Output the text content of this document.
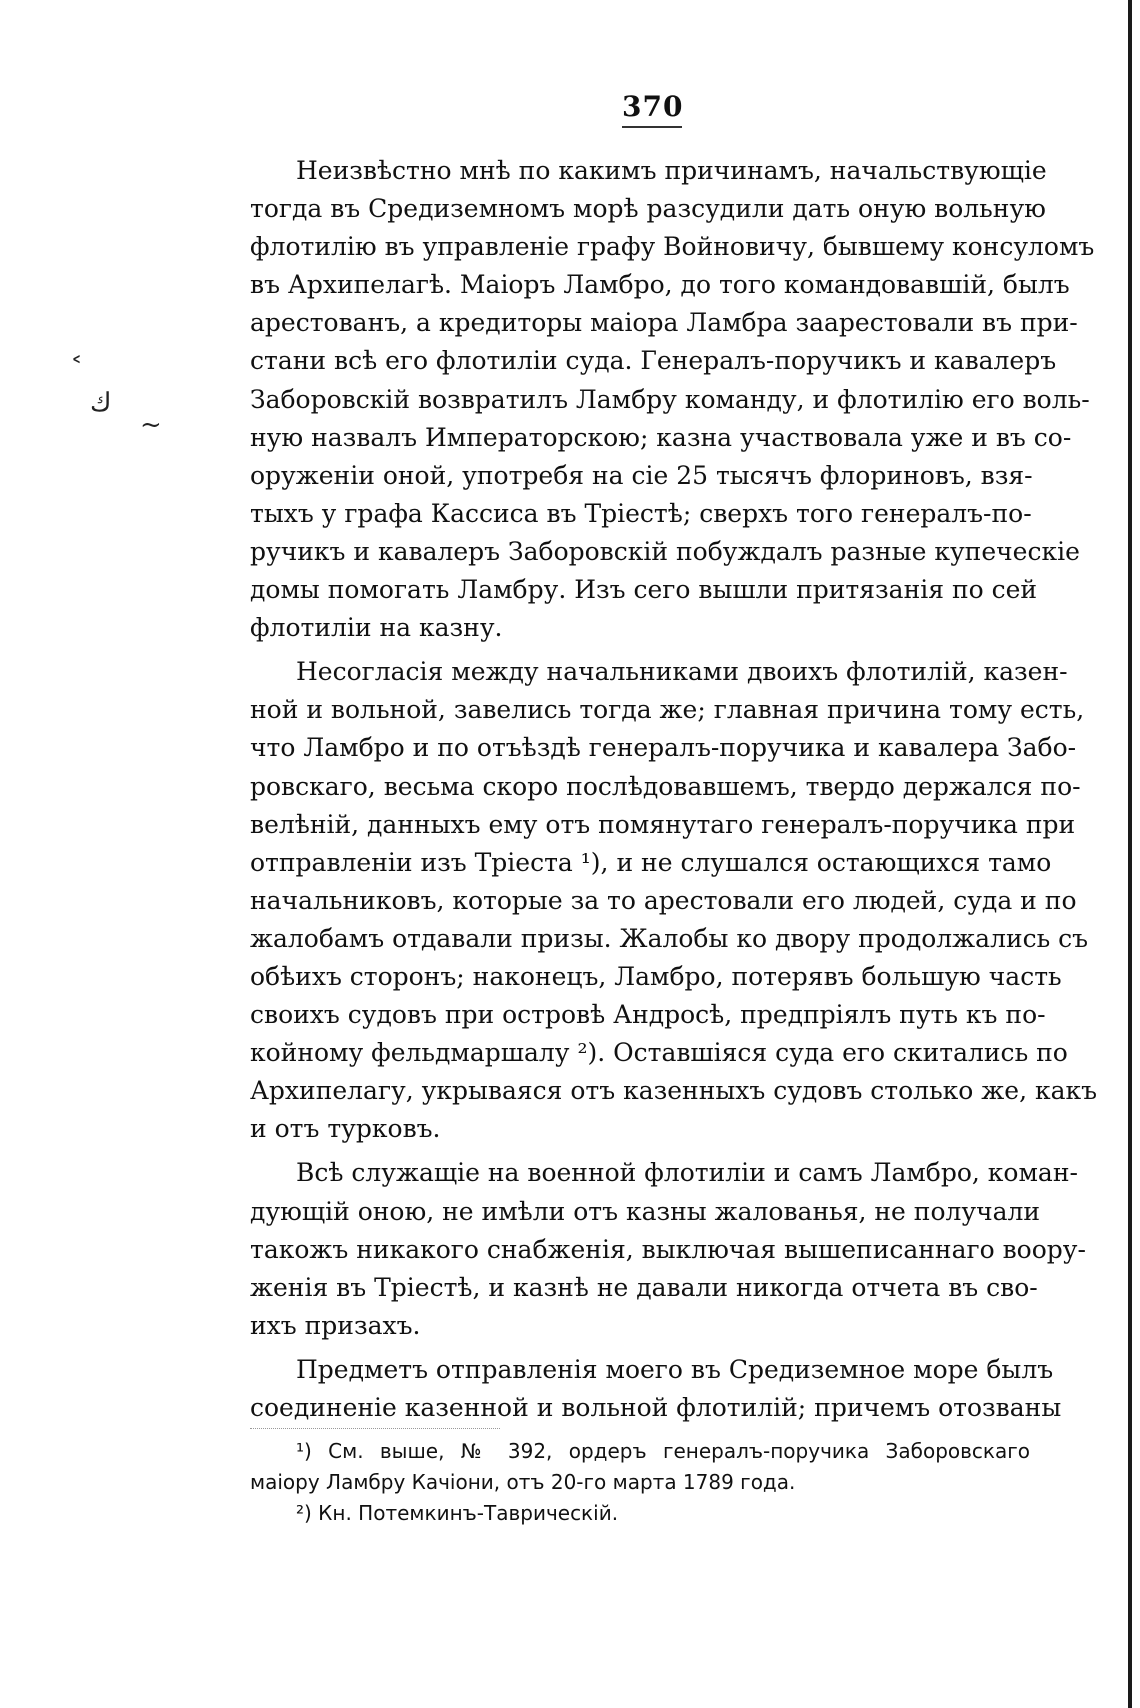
370
˂
ك
~
Неизвѣстно мнѣ по какимъ причинамъ, начальствующіе
тогда въ Средиземномъ морѣ разсудили дать оную вольную
флотилію въ управленіе графу Войновичу, бывшему консуломъ
въ Архипелагѣ. Маіоръ Ламбро, до того командовавшій, былъ
арестованъ, а кредиторы маіора Ламбра заарестовали въ при-
стани всѣ его флотиліи суда. Генералъ-поручикъ и кавалеръ
Заборовскій возвратилъ Ламбру команду, и флотилію его воль-
ную назвалъ Императорскою; казна участвовала уже и въ со-
оруженіи оной, употребя на сіе 25 тысячъ флориновъ, взя-
тыхъ у графа Кассиса въ Тріестѣ; сверхъ того генералъ-по-
ручикъ и кавалеръ Заборовскій побуждалъ разные купеческіе
домы помогать Ламбру. Изъ сего вышли притязанія по сей
флотиліи на казну.
Несогласія между начальниками двоихъ флотилій, казен-
ной и вольной, завелись тогда же; главная причина тому есть,
что Ламбро и по отъѣздѣ генералъ-поручика и кавалера Забо-
ровскаго, весьма скоро послѣдовавшемъ, твердо держался по-
велѣній, данныхъ ему отъ помянутаго генералъ-поручика при
отправленіи изъ Тріеста ¹), и не слушался остающихся тамо
начальниковъ, которые за то арестовали его людей, суда и по
жалобамъ отдавали призы. Жалобы ко двору продолжались съ
обѣихъ сторонъ; наконецъ, Ламбро, потерявъ большую часть
своихъ судовъ при островѣ Андросѣ, предпріялъ путь къ по-
койному фельдмаршалу ²). Оставшіяся суда его скитались по
Архипелагу, укрываяся отъ казенныхъ судовъ столько же, какъ
и отъ турковъ.
Всѣ служащіе на военной флотиліи и самъ Ламбро, коман-
дующій оною, не имѣли отъ казны жалованья, не получали
такожъ никакого снабженія, выключая вышеписаннаго воору-
женія въ Тріестѣ, и казнѣ не давали никогда отчета въ сво-
ихъ призахъ.
Предметъ отправленія моего въ Средиземное море былъ
соединеніе казенной и вольной флотилій; причемъ отозваны
¹) См. выше, № 392, ордеръ генералъ-поручика Заборовскаго
маіору Ламбру Качіони, отъ 20-го марта 1789 года.
²) Кн. Потемкинъ-Таврическій.
